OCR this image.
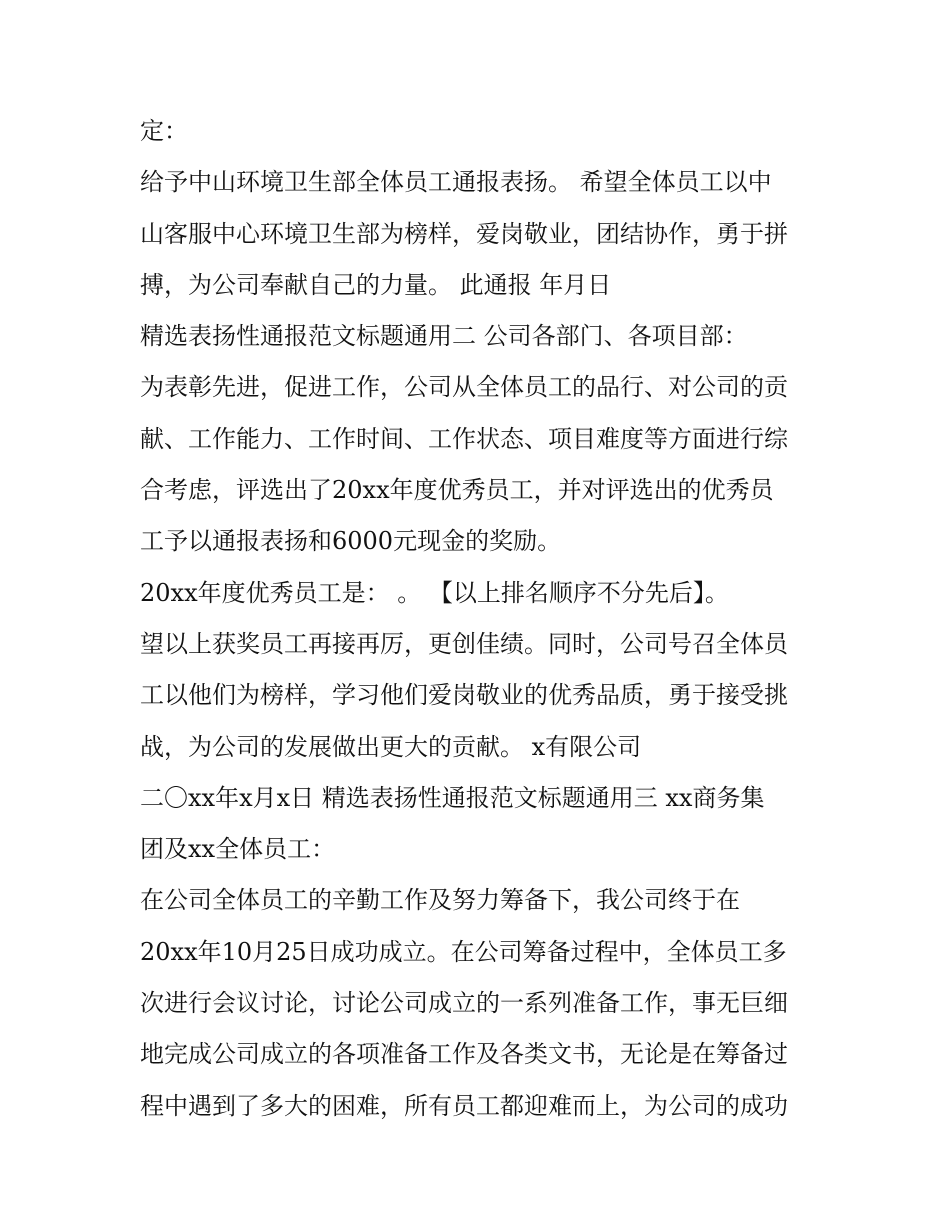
定：
给予中山环境卫生部全体员工通报表扬。 希望全体员工以中
山客服中心环境卫生部为榜样，爱岗敬业，团结协作，勇于拼
搏，为公司奉献自己的力量。 此通报 年月日
精选表扬性通报范文标题通用二 公司各部门、各项目部：
为表彰先进，促进工作，公司从全体员工的品行、对公司的贡
献、工作能力、工作时间、工作状态、项目难度等方面进行综
合考虑，评选出了20xx年度优秀员工，并对评选出的优秀员
工予以通报表扬和6000元现金的奖励。
20xx年度优秀员工是： 。 【以上排名顺序不分先后】。
望以上获奖员工再接再厉，更创佳绩。同时，公司号召全体员
工以他们为榜样，学习他们爱岗敬业的优秀品质，勇于接受挑
战，为公司的发展做出更大的贡献。 x有限公司
二〇xx年x月x日 精选表扬性通报范文标题通用三 xx商务集
团及xx全体员工：
在公司全体员工的辛勤工作及努力筹备下，我公司终于在
20xx年10月25日成功成立。在公司筹备过程中，全体员工多
次进行会议讨论，讨论公司成立的一系列准备工作，事无巨细
地完成公司成立的各项准备工作及各类文书，无论是在筹备过
程中遇到了多大的困难，所有员工都迎难而上，为公司的成功
